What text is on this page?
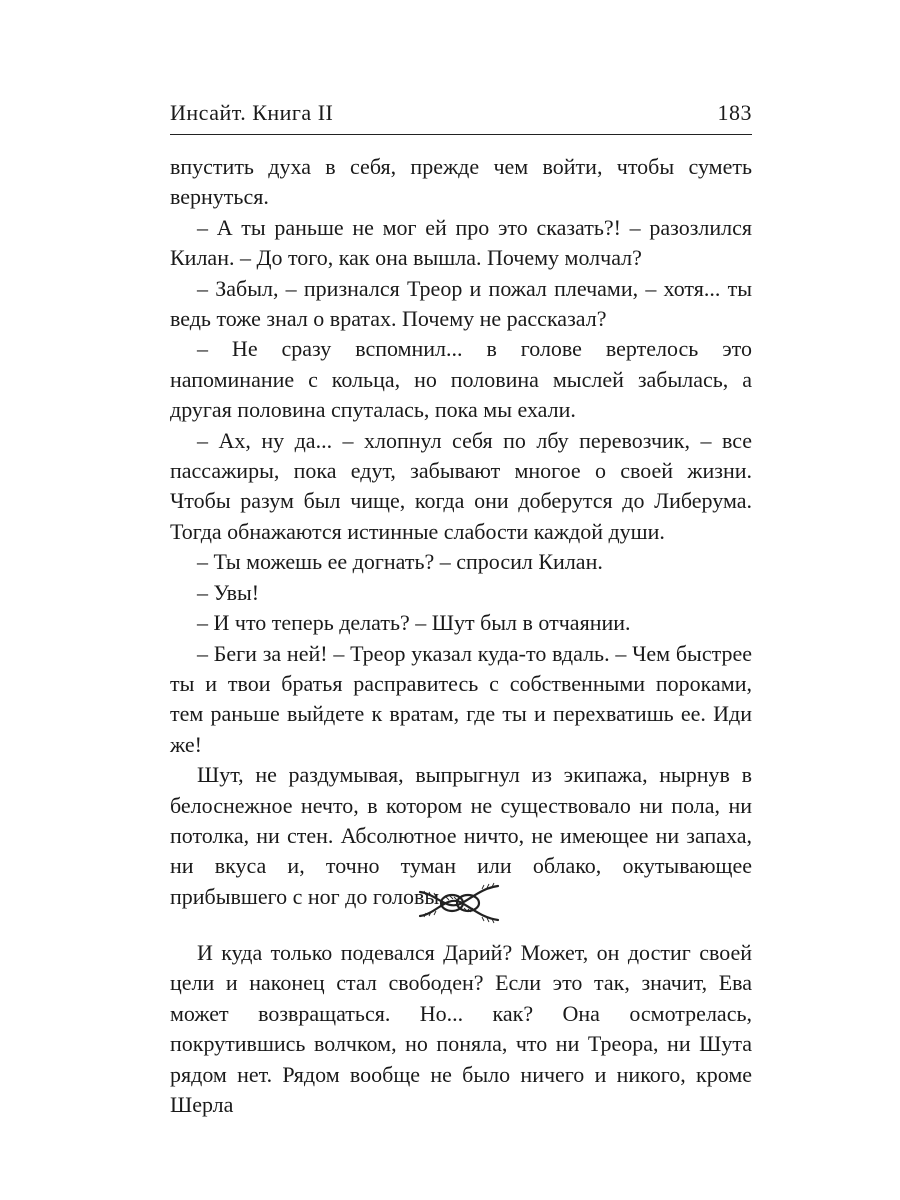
Инсайт. Книга II	183

впустить духа в себя, прежде чем войти, чтобы суметь вернуться.

– А ты раньше не мог ей про это сказать?! – разозлился Килан. – До того, как она вышла. Почему молчал?

– Забыл, – признался Треор и пожал плечами, – хотя... ты ведь тоже знал о вратах. Почему не рассказал?

– Не сразу вспомнил... в голове вертелось это напоминание с кольца, но половина мыслей забылась, а другая половина спуталась, пока мы ехали.

– Ах, ну да... – хлопнул себя по лбу перевозчик, – все пассажиры, пока едут, забывают многое о своей жизни. Чтобы разум был чище, когда они доберутся до Либерума. Тогда обнажаются истинные слабости каждой души.

– Ты можешь ее догнать? – спросил Килан.

– Увы!

– И что теперь делать? – Шут был в отчаянии.

– Беги за ней! – Треор указал куда-то вдаль. – Чем быстрее ты и твои братья расправитесь с собственными пороками, тем раньше выйдете к вратам, где ты и перехватишь ее. Иди же!

Шут, не раздумывая, выпрыгнул из экипажа, нырнув в белоснежное нечто, в котором не существовало ни пола, ни потолка, ни стен. Абсолютное ничто, не имеющее ни запаха, ни вкуса и, точно туман или облако, окутывающее прибывшего с ног до головы.

И куда только подевался Дарий? Может, он достиг своей цели и наконец стал свободен? Если это так, значит, Ева может возвращаться. Но... как? Она осмотрелась, покрутившись волчком, но поняла, что ни Треора, ни Шута рядом нет. Рядом вообще не было ничего и никого, кроме Шерла
